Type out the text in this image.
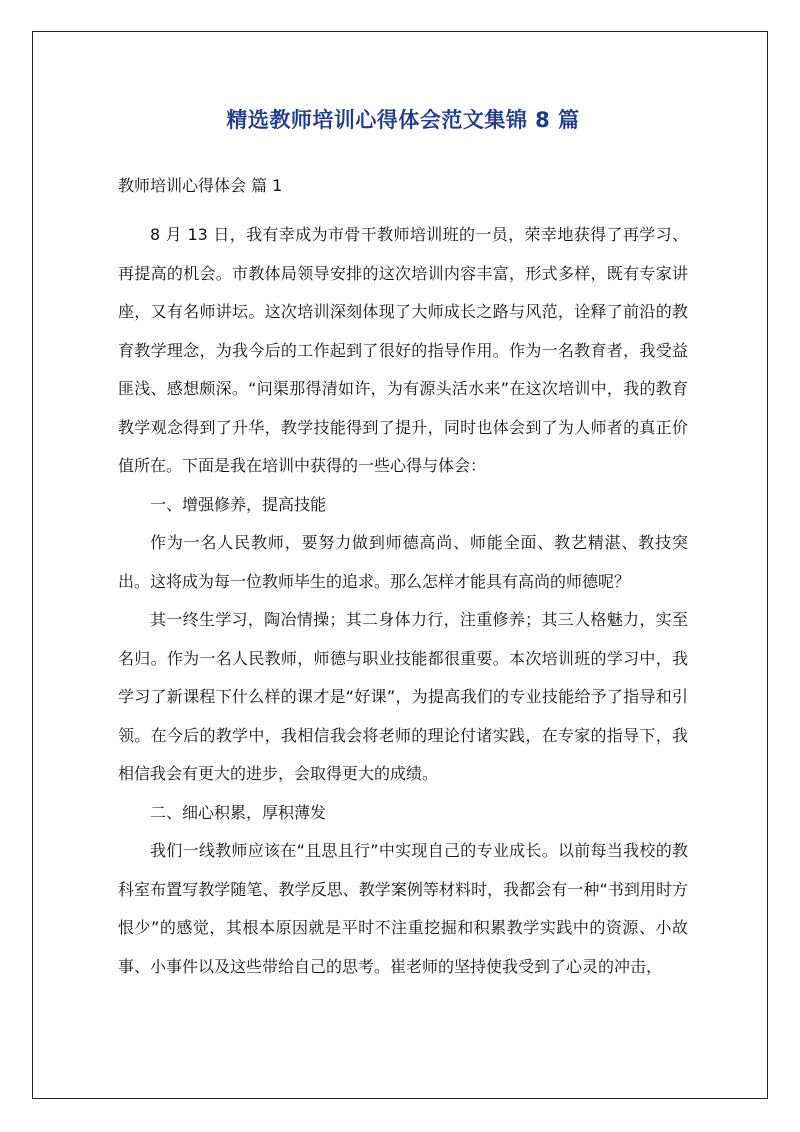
精选教师培训心得体会范文集锦 8 篇
教师培训心得体会 篇 1

8 月 13 日，我有幸成为市骨干教师培训班的一员，荣幸地获得了再学习、再提高的机会。市教体局领导安排的这次培训内容丰富，形式多样，既有专家讲座，又有名师讲坛。这次培训深刻体现了大师成长之路与风范，诠释了前沿的教育教学理念，为我今后的工作起到了很好的指导作用。作为一名教育者，我受益匪浅、感想颇深。“问渠那得清如许，为有源头活水来”在这次培训中，我的教育教学观念得到了升华，教学技能得到了提升，同时也体会到了为人师者的真正价值所在。下面是我在培训中获得的一些心得与体会：

一、增强修养，提高技能

作为一名人民教师，要努力做到师德高尚、师能全面、教艺精湛、教技突出。这将成为每一位教师毕生的追求。那么怎样才能具有高尚的师德呢？

其一终生学习，陶冶情操；其二身体力行，注重修养；其三人格魅力，实至名归。作为一名人民教师，师德与职业技能都很重要。本次培训班的学习中，我学习了新课程下什么样的课才是“好课”，为提高我们的专业技能给予了指导和引领。在今后的教学中，我相信我会将老师的理论付诸实践，在专家的指导下，我相信我会有更大的进步，会取得更大的成绩。

二、细心积累，厚积薄发

我们一线教师应该在“且思且行”中实现自己的专业成长。以前每当我校的教科室布置写教学随笔、教学反思、教学案例等材料时，我都会有一种“书到用时方恨少”的感觉，其根本原因就是平时不注重挖掘和积累教学实践中的资源、小故事、小事件以及这些带给自己的思考。崔老师的坚持使我受到了心灵的冲击，
